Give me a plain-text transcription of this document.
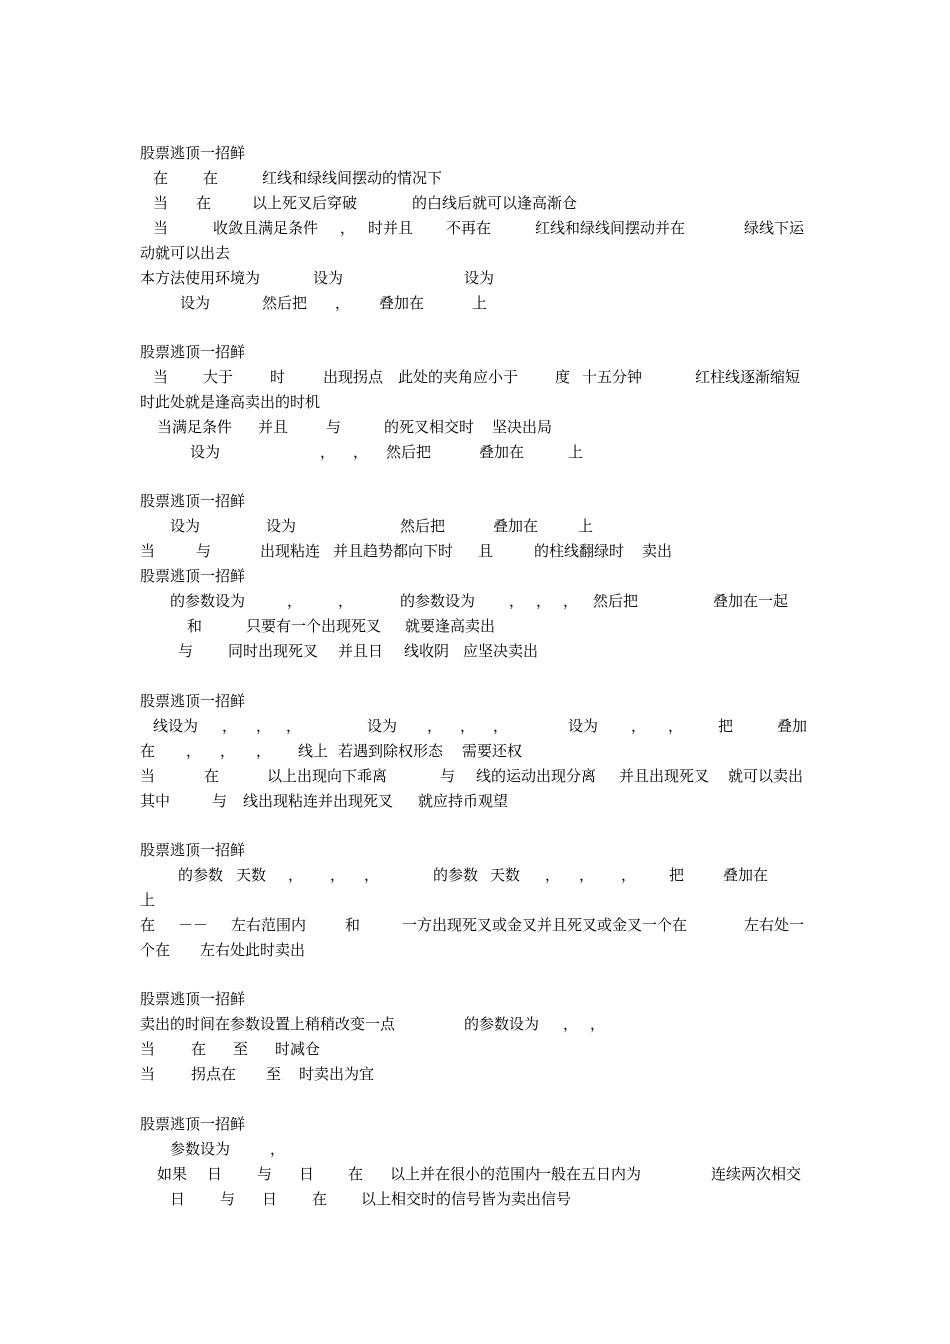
股票逃顶一招鲜
在 在	红线和绿线间摆动的情况下
当 在	以上死叉后穿破	的白线后就可以逢高渐仓
当	收敛且满足条件 ， 时并且 不再在	红线和绿线间摆动并在	绿线下运
动就可以出去
本方法使用环境为	设为	设为
设为	然后把 ， 叠加在	上
股票逃顶一招鲜
当 大于 时	出现拐点 此处的夹角应小于 度 十五分钟	红柱线逐渐缩短
时此处就是逢高卖出的时机
当满足条件 并且	与	的死叉相交时 坚决出局
设为	， ， 然后把	叠加在	上
股票逃顶一招鲜
设为	设为	然后把	叠加在	上
当	与	出现粘连 并且趋势都向下时 且	的柱线翻绿时 卖出
股票逃顶一招鲜
的参数设为	， ，	的参数设为 ， ， ， 然后把	叠加在一起
和	只要有一个出现死叉 就要逢高卖出
与 同时出现死叉 并且日 线收阴 应坚决卖出
股票逃顶一招鲜
线设为 ， ， ，	设为 ， ， ，	设为 ， ， 把	叠加
在 ， ， ， 线上 若遇到除权形态 需要还权
当	在	以上出现向下乖离	与 线的运动出现分离 并且出现死叉 就可以卖出
其中	与 线出现粘连并出现死叉 就应持币观望
股票逃顶一招鲜
的参数 天数 ， ， ，	的参数 天数 ， ， ， 把	叠加在
上
在 －－ 左右范围内	和	一方出现死叉或金叉并且死叉或金叉一个在	左右处一
个在 左右处此时卖出
股票逃顶一招鲜
卖出的时间在参数设置上稍稍改变一点	的参数设为 ， ，
当 在 至 时减仓
当 拐点在 至 时卖出为宜
股票逃顶一招鲜
参数设为	，
如果 日 与 日 在 以上并在很小的范围内
一般在五日内为	连续两次相交
日 与 日 在 以上相交时的信号皆为卖出信号
